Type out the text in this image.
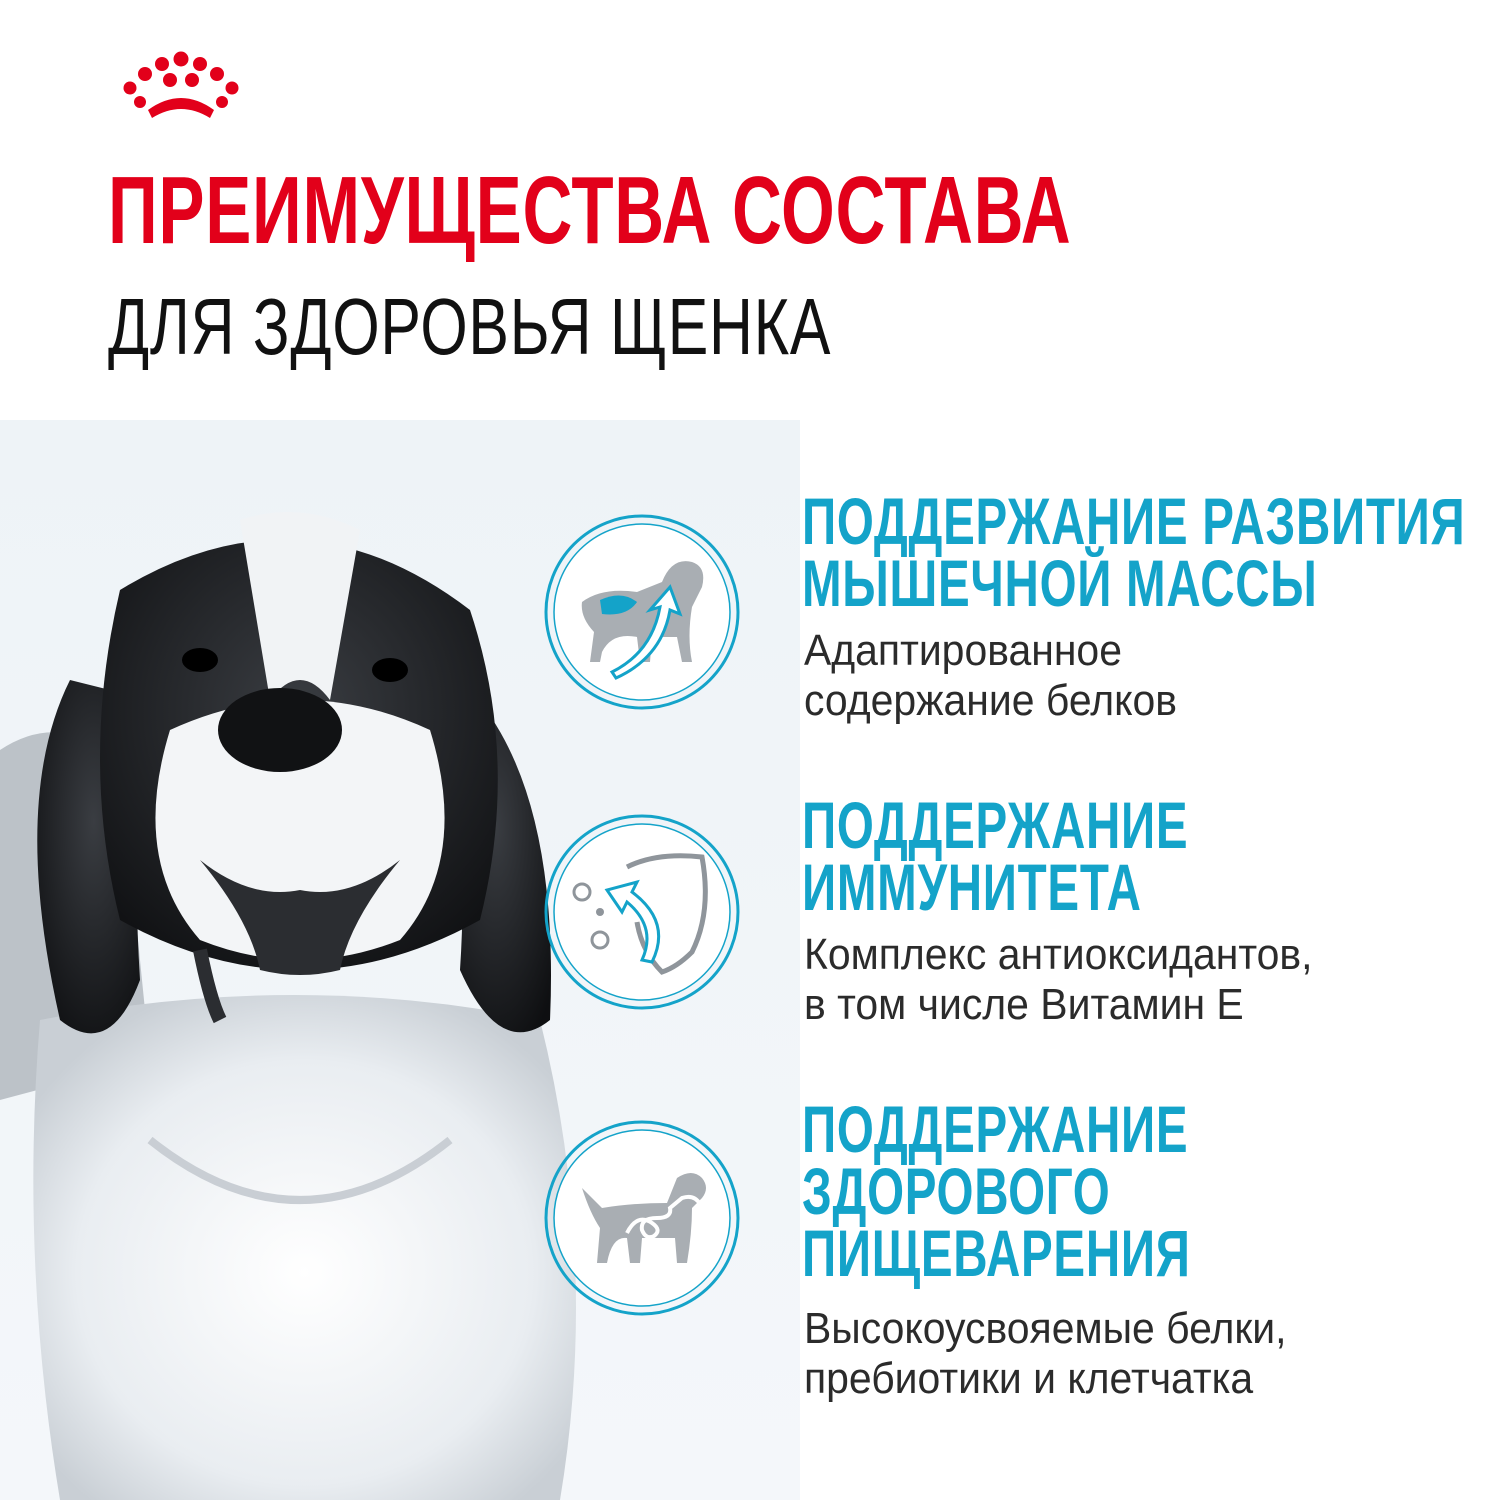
ПРЕИМУЩЕСТВА СОСТАВА
ДЛЯ ЗДОРОВЬЯ ЩЕНКА
ПОДДЕРЖАНИЕ РАЗВИТИЯ
МЫШЕЧНОЙ МАССЫ
Адаптированное
содержание белков
ПОДДЕРЖАНИЕ
ИММУНИТЕТА
Комплекс антиоксидантов,
в том числе Витамин Е
ПОДДЕРЖАНИЕ
ЗДОРОВОГО
ПИЩЕВАРЕНИЯ
Высокоусвояемые белки,
пребиотики и клетчатка
